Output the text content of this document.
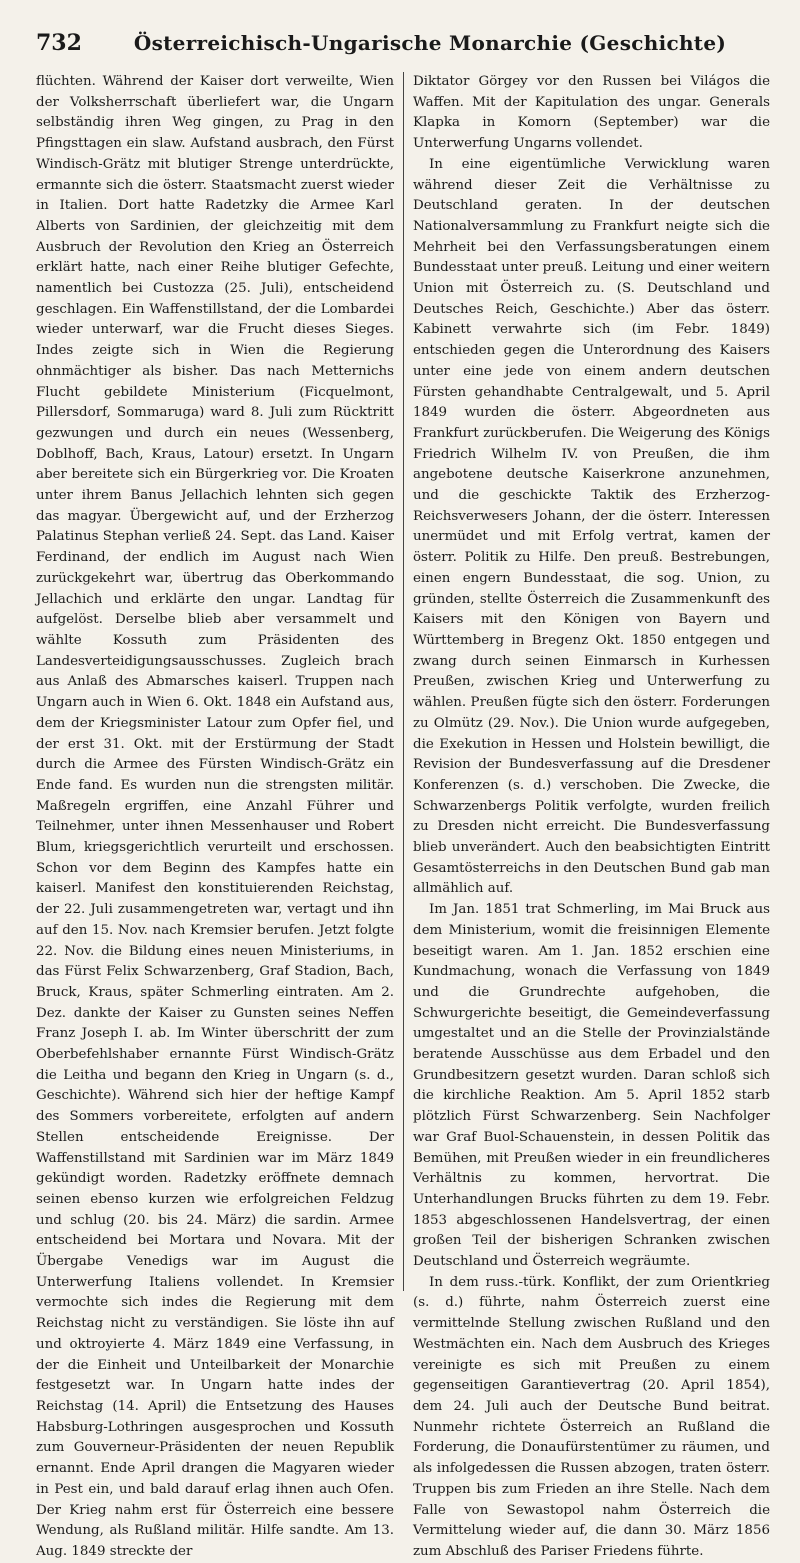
732	Österreichisch-Ungarische Monarchie (Geschichte)

flüchten. Während der Kaiser dort verweilte, Wien der Volksherrschaft überliefert war, die Ungarn selbständig ihren Weg gingen, zu Prag in den Pfingsttagen ein slaw. Aufstand ausbrach, den Fürst Windisch-Grätz mit blutiger Strenge unterdrückte, ermannte sich die österr. Staatsmacht zuerst wieder in Italien. Dort hatte Radetzky die Armee Karl Alberts von Sardinien, der gleichzeitig mit dem Ausbruch der Revolution den Krieg an Österreich erklärt hatte, nach einer Reihe blutiger Gefechte, namentlich bei Custozza (25. Juli), entscheidend geschlagen. Ein Waffenstillstand, der die Lombardei wieder unterwarf, war die Frucht dieses Sieges. Indes zeigte sich in Wien die Regierung ohnmächtiger als bisher. Das nach Metternichs Flucht gebildete Ministerium (Ficquelmont, Pillersdorf, Sommaruga) ward 8. Juli zum Rücktritt gezwungen und durch ein neues (Wessenberg, Doblhoff, Bach, Kraus, Latour) ersetzt. In Ungarn aber bereitete sich ein Bürgerkrieg vor. Die Kroaten unter ihrem Banus Jellachich lehnten sich gegen das magyar. Übergewicht auf, und der Erzherzog Palatinus Stephan verließ 24. Sept. das Land. Kaiser Ferdinand, der endlich im August nach Wien zurückgekehrt war, übertrug das Oberkommando Jellachich und erklärte den ungar. Landtag für aufgelöst. Derselbe blieb aber versammelt und wählte Kossuth zum Präsidenten des Landesverteidigungsausschusses. Zugleich brach aus Anlaß des Abmarsches kaiserl. Truppen nach Ungarn auch in Wien 6. Okt. 1848 ein Aufstand aus, dem der Kriegsminister Latour zum Opfer fiel, und der erst 31. Okt. mit der Erstürmung der Stadt durch die Armee des Fürsten Windisch-Grätz ein Ende fand. Es wurden nun die strengsten militär. Maßregeln ergriffen, eine Anzahl Führer und Teilnehmer, unter ihnen Messenhauser und Robert Blum, kriegsgerichtlich verurteilt und erschossen. Schon vor dem Beginn des Kampfes hatte ein kaiserl. Manifest den konstituierenden Reichstag, der 22. Juli zusammengetreten war, vertagt und ihn auf den 15. Nov. nach Kremsier berufen. Jetzt folgte 22. Nov. die Bildung eines neuen Ministeriums, in das Fürst Felix Schwarzenberg, Graf Stadion, Bach, Bruck, Kraus, später Schmerling eintraten. Am 2. Dez. dankte der Kaiser zu Gunsten seines Neffen Franz Joseph I. ab. Im Winter überschritt der zum Oberbefehlshaber ernannte Fürst Windisch-Grätz die Leitha und begann den Krieg in Ungarn (s. d., Geschichte). Während sich hier der heftige Kampf des Sommers vorbereitete, erfolgten auf andern Stellen entscheidende Ereignisse. Der Waffenstillstand mit Sardinien war im März 1849 gekündigt worden. Radetzky eröffnete demnach seinen ebenso kurzen wie erfolgreichen Feldzug und schlug (20. bis 24. März) die sardin. Armee entscheidend bei Mortara und Novara. Mit der Übergabe Venedigs war im August die Unterwerfung Italiens vollendet. In Kremsier vermochte sich indes die Regierung mit dem Reichstag nicht zu verständigen. Sie löste ihn auf und oktroyierte 4. März 1849 eine Verfassung, in der die Einheit und Unteilbarkeit der Monarchie festgesetzt war. In Ungarn hatte indes der Reichstag (14. April) die Entsetzung des Hauses Habsburg-Lothringen ausgesprochen und Kossuth zum Gouverneur-Präsidenten der neuen Republik ernannt. Ende April drangen die Magyaren wieder in Pest ein, und bald darauf erlag ihnen auch Ofen. Der Krieg nahm erst für Österreich eine bessere Wendung, als Rußland militär. Hilfe sandte. Am 13. Aug. 1849 streckte der

Diktator Görgey vor den Russen bei Világos die Waffen. Mit der Kapitulation des ungar. Generals Klapka in Komorn (September) war die Unterwerfung Ungarns vollendet.

In eine eigentümliche Verwicklung waren während dieser Zeit die Verhältnisse zu Deutschland geraten. In der deutschen Nationalversammlung zu Frankfurt neigte sich die Mehrheit bei den Verfassungsberatungen einem Bundesstaat unter preuß. Leitung und einer weitern Union mit Österreich zu. (S. Deutschland und Deutsches Reich, Geschichte.) Aber das österr. Kabinett verwahrte sich (im Febr. 1849) entschieden gegen die Unterordnung des Kaisers unter eine jede von einem andern deutschen Fürsten gehandhabte Centralgewalt, und 5. April 1849 wurden die österr. Abgeordneten aus Frankfurt zurückberufen. Die Weigerung des Königs Friedrich Wilhelm IV. von Preußen, die ihm angebotene deutsche Kaiserkrone anzunehmen, und die geschickte Taktik des Erzherzog-Reichsverwesers Johann, der die österr. Interessen unermüdet und mit Erfolg vertrat, kamen der österr. Politik zu Hilfe. Den preuß. Bestrebungen, einen engern Bundesstaat, die sog. Union, zu gründen, stellte Österreich die Zusammenkunft des Kaisers mit den Königen von Bayern und Württemberg in Bregenz Okt. 1850 entgegen und zwang durch seinen Einmarsch in Kurhessen Preußen, zwischen Krieg und Unterwerfung zu wählen. Preußen fügte sich den österr. Forderungen zu Olmütz (29. Nov.). Die Union wurde aufgegeben, die Exekution in Hessen und Holstein bewilligt, die Revision der Bundesverfassung auf die Dresdener Konferenzen (s. d.) verschoben. Die Zwecke, die Schwarzenbergs Politik verfolgte, wurden freilich zu Dresden nicht erreicht. Die Bundesverfassung blieb unverändert. Auch den beabsichtigten Eintritt Gesamtösterreichs in den Deutschen Bund gab man allmählich auf.

Im Jan. 1851 trat Schmerling, im Mai Bruck aus dem Ministerium, womit die freisinnigen Elemente beseitigt waren. Am 1. Jan. 1852 erschien eine Kundmachung, wonach die Verfassung von 1849 und die Grundrechte aufgehoben, die Schwurgerichte beseitigt, die Gemeindeverfassung umgestaltet und an die Stelle der Provinzialstände beratende Ausschüsse aus dem Erbadel und den Grundbesitzern gesetzt wurden. Daran schloß sich die kirchliche Reaktion. Am 5. April 1852 starb plötzlich Fürst Schwarzenberg. Sein Nachfolger war Graf Buol-Schauenstein, in dessen Politik das Bemühen, mit Preußen wieder in ein freundlicheres Verhältnis zu kommen, hervortrat. Die Unterhandlungen Brucks führten zu dem 19. Febr. 1853 abgeschlossenen Handelsvertrag, der einen großen Teil der bisherigen Schranken zwischen Deutschland und Österreich wegräumte.

In dem russ.-türk. Konflikt, der zum Orientkrieg (s. d.) führte, nahm Österreich zuerst eine vermittelnde Stellung zwischen Rußland und den Westmächten ein. Nach dem Ausbruch des Krieges vereinigte es sich mit Preußen zu einem gegenseitigen Garantievertrag (20. April 1854), dem 24. Juli auch der Deutsche Bund beitrat. Nunmehr richtete Österreich an Rußland die Forderung, die Donaufürstentümer zu räumen, und als infolgedessen die Russen abzogen, traten österr. Truppen bis zum Frieden an ihre Stelle. Nach dem Falle von Sewastopol nahm Österreich die Vermittelung wieder auf, die dann 30. März 1856 zum Abschluß des Pariser Friedens führte.
